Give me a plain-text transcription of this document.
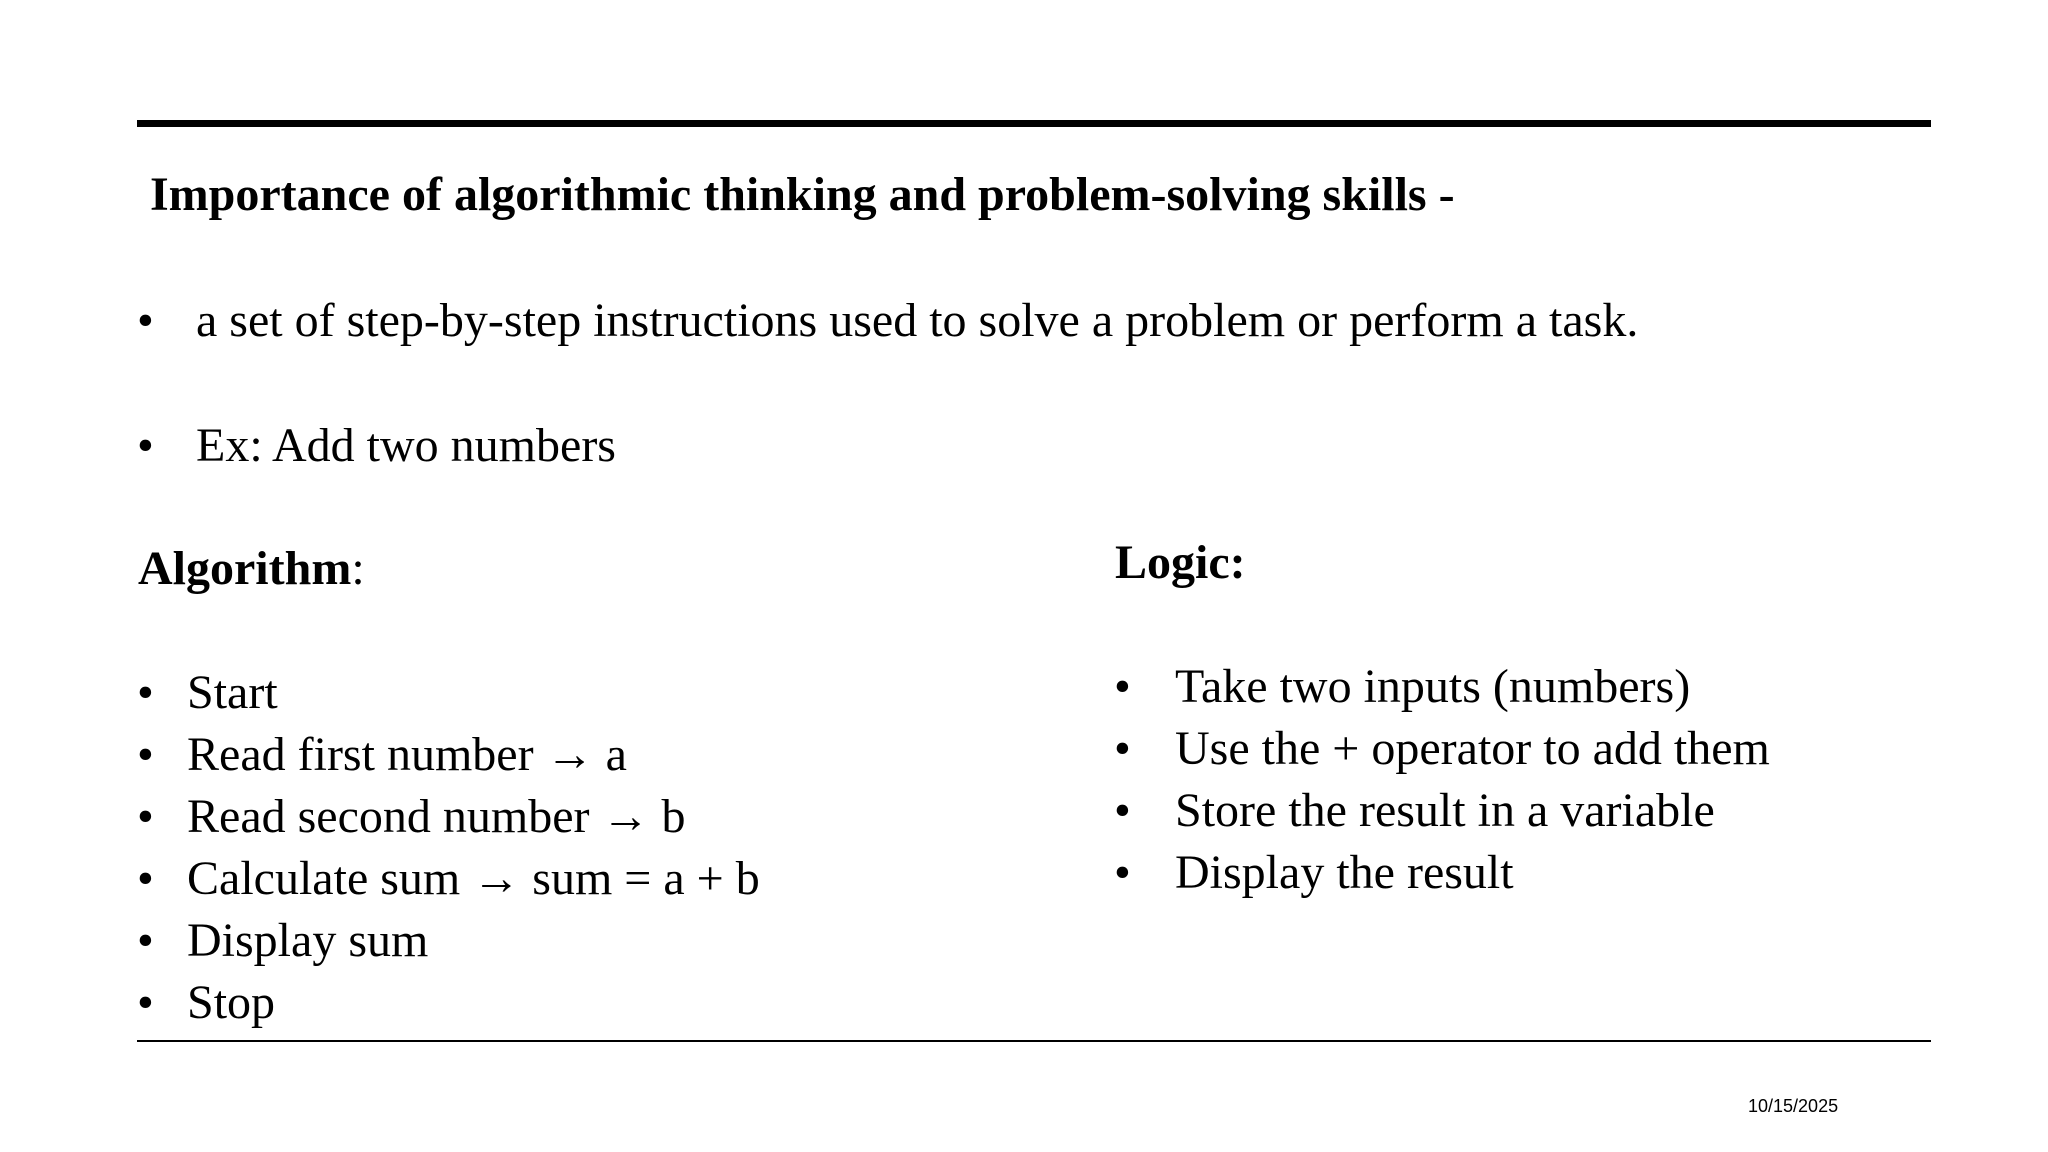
Importance of algorithmic thinking and problem-solving skills -
• a set of step-by-step instructions used to solve a problem or perform a task.
• Ex: Add two numbers
Algorithm:	Logic:
• Start
• Read first number → a
• Read second number → b
• Calculate sum → sum = a + b
• Display sum
• Stop
• Take two inputs (numbers)
• Use the + operator to add them
• Store the result in a variable
• Display the result
10/15/2025
